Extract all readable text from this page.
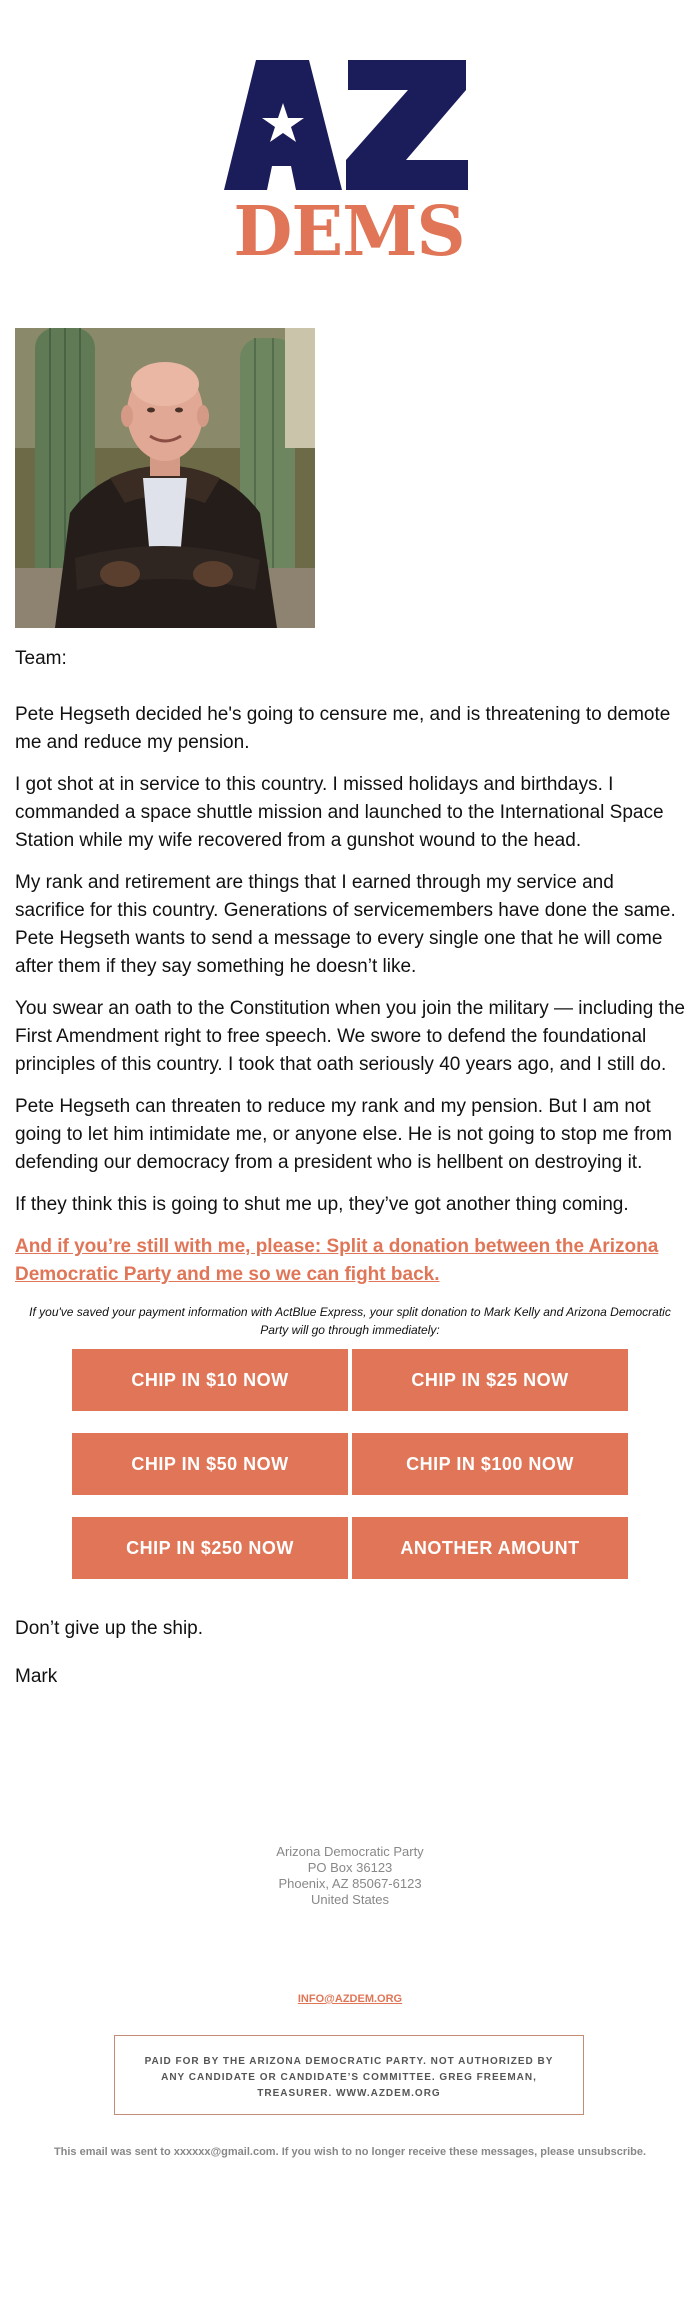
DEMS

Team:

Pete Hegseth decided he's going to censure me, and is threatening to demote me and reduce my pension.

I got shot at in service to this country. I missed holidays and birthdays. I commanded a space shuttle mission and launched to the International Space Station while my wife recovered from a gunshot wound to the head.

My rank and retirement are things that I earned through my service and sacrifice for this country. Generations of servicemembers have done the same. Pete Hegseth wants to send a message to every single one that he will come after them if they say something he doesn’t like.

You swear an oath to the Constitution when you join the military — including the First Amendment right to free speech. We swore to defend the foundational principles of this country. I took that oath seriously 40 years ago, and I still do.

Pete Hegseth can threaten to reduce my rank and my pension. But I am not going to let him intimidate me, or anyone else. He is not going to stop me from defending our democracy from a president who is hellbent on destroying it.

If they think this is going to shut me up, they’ve got another thing coming.

And if you’re still with me, please: Split a donation between the Arizona Democratic Party and me so we can fight back.

If you've saved your payment information with ActBlue Express, your split donation to Mark Kelly and Arizona Democratic Party will go through immediately:

CHIP IN $10 NOW	CHIP IN $25 NOW
CHIP IN $50 NOW	CHIP IN $100 NOW
CHIP IN $250 NOW	ANOTHER AMOUNT

Don’t give up the ship.

Mark

Arizona Democratic Party
PO Box 36123
Phoenix, AZ 85067-6123
United States
INFO@AZDEM.ORG
PAID FOR BY THE ARIZONA DEMOCRATIC PARTY. NOT AUTHORIZED BY ANY CANDIDATE OR CANDIDATE’S COMMITTEE. GREG FREEMAN, TREASURER. WWW.AZDEM.ORG
This email was sent to xxxxxx@gmail.com. If you wish to no longer receive these messages, please unsubscribe.
